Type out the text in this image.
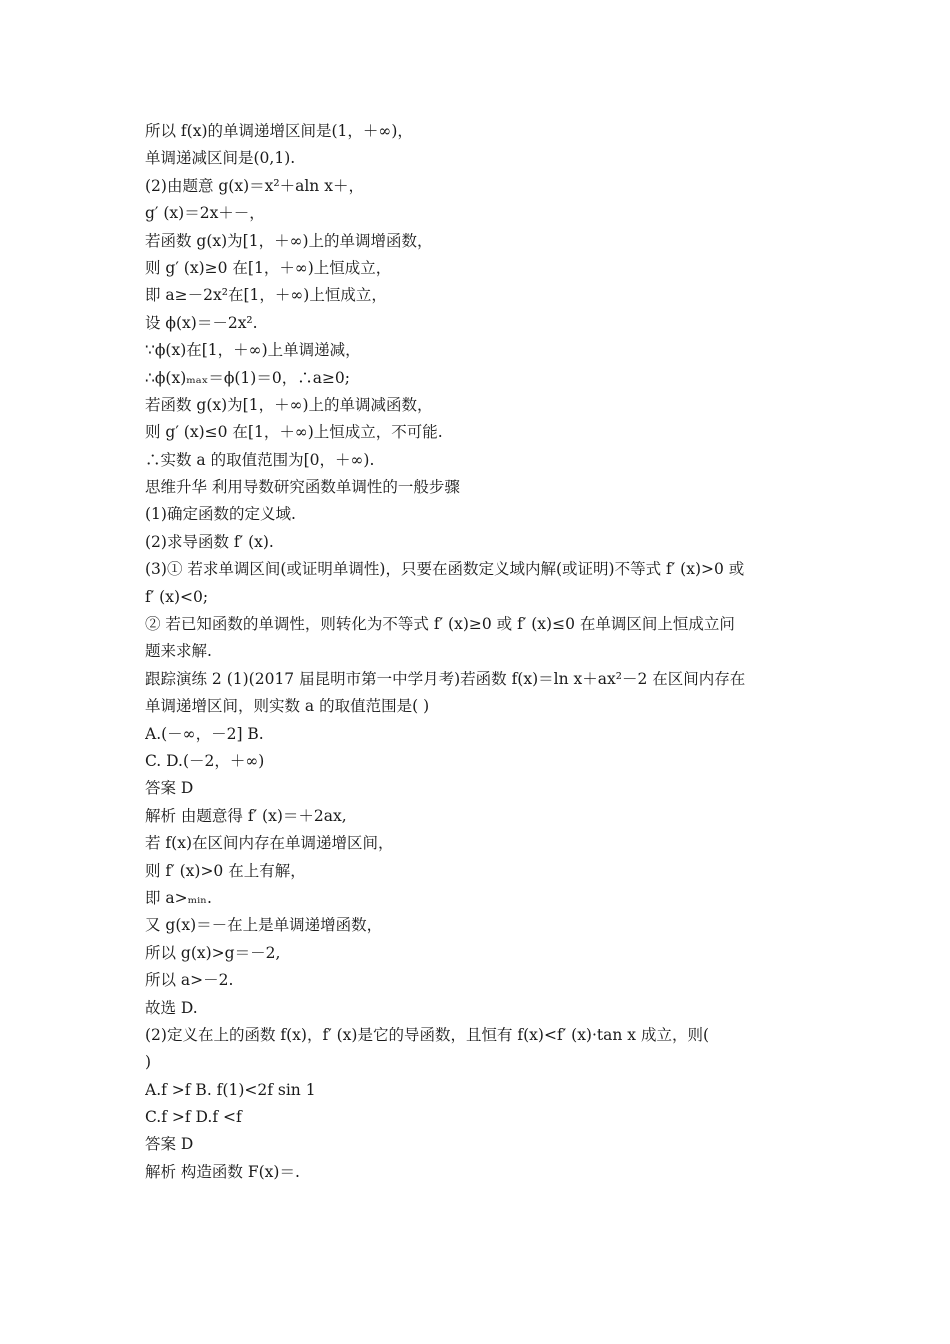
所以 f(x)的单调递增区间是(1，＋∞)，
单调递减区间是(0,1).
(2)由题意 g(x)＝x²＋aln x＋，
g′ (x)＝2x＋－，
若函数 g(x)为[1，＋∞)上的单调增函数，
则 g′ (x)≥0 在[1，＋∞)上恒成立，
即 a≥－2x²在[1，＋∞)上恒成立，
设 ϕ(x)＝－2x².
∵ϕ(x)在[1，＋∞)上单调递减，
∴ϕ(x)ₘₐₓ＝ϕ(1)＝0，∴a≥0;
若函数 g(x)为[1，＋∞)上的单调减函数，
则 g′ (x)≤0 在[1，＋∞)上恒成立，不可能.
∴实数 a 的取值范围为[0，＋∞).
思维升华 利用导数研究函数单调性的一般步骤
(1)确定函数的定义域.
(2)求导函数 f′ (x).
(3)① 若求单调区间(或证明单调性)，只要在函数定义域内解(或证明)不等式 f′ (x)>0 或
f′ (x)<0;
② 若已知函数的单调性，则转化为不等式 f′ (x)≥0 或 f′ (x)≤0 在单调区间上恒成立问
题来求解.
跟踪演练 2 (1)(2017 届昆明市第一中学月考)若函数 f(x)＝ln x＋ax²－2 在区间内存在
单调递增区间，则实数 a 的取值范围是( )
A.(－∞，－2] B.
C. D.(－2，＋∞)
答案 D
解析 由题意得 f′ (x)＝＋2ax,
若 f(x)在区间内存在单调递增区间，
则 f′ (x)>0 在上有解，
即 a>ₘᵢₙ.
又 g(x)＝－在上是单调递增函数，
所以 g(x)>g＝－2,
所以 a>－2.
故选 D.
(2)定义在上的函数 f(x)，f′ (x)是它的导函数，且恒有 f(x)<f′ (x)·tan x 成立，则(
)
A.f >f B. f(1)<2f sin 1
C.f >f D.f <f
答案 D
解析 构造函数 F(x)＝.
